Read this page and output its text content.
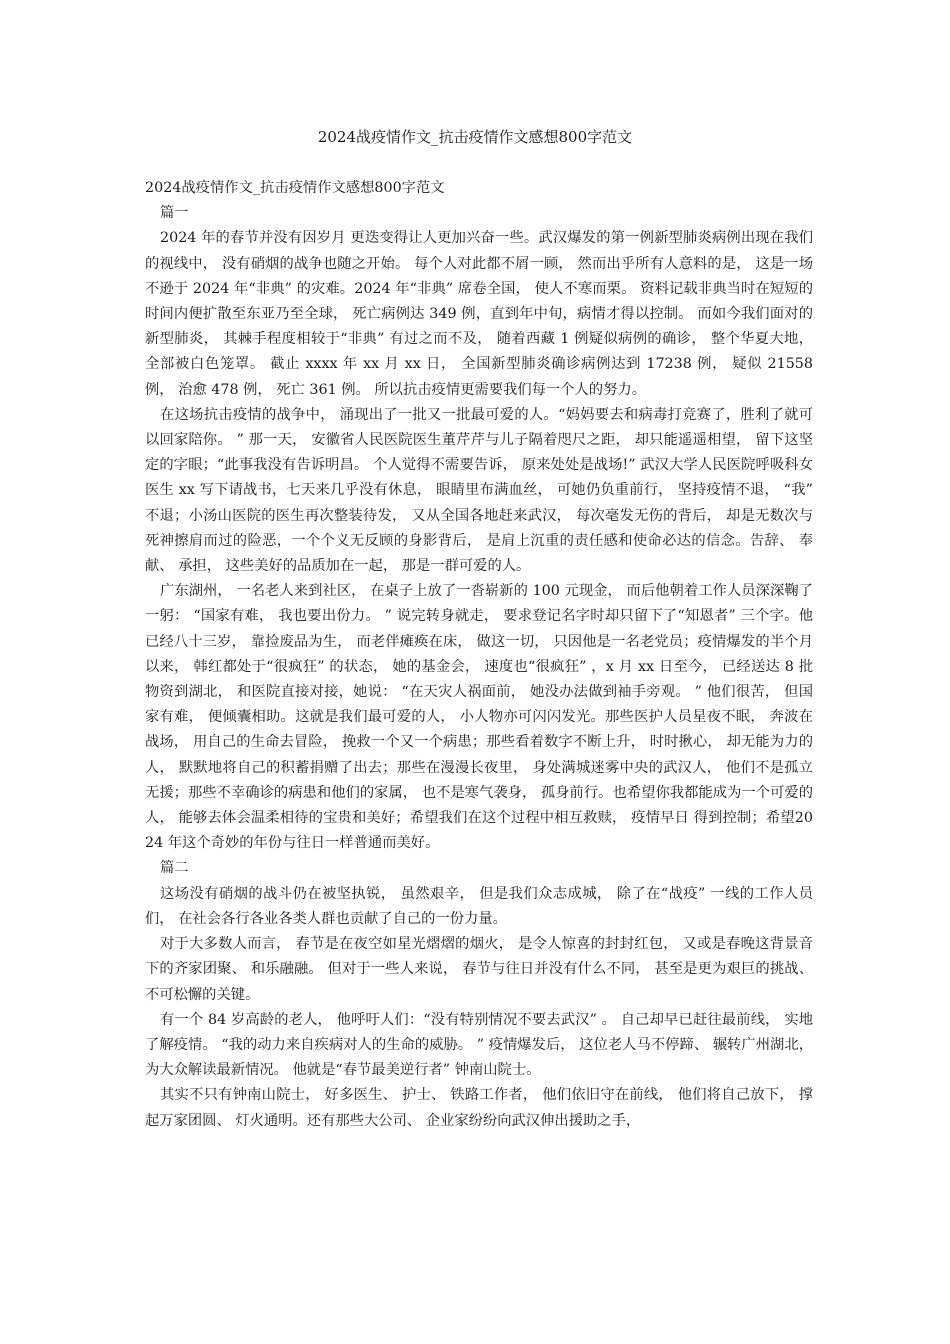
2024战疫情作文_抗击疫情作文感想800字范文

2024战疫情作文_抗击疫情作文感想800字范文

篇一

2024 年的春节并没有因岁月 更迭变得让人更加兴奋一些。武汉爆发的第一例新型肺炎病例出现在我们的视线中， 没有硝烟的战争也随之开始。 每个人对此都不屑一顾， 然而出乎所有人意料的是， 这是一场不逊于 2024 年“非典” 的灾难。2024 年“非典” 席卷全国， 使人不寒而栗。 资料记载非典当时在短短的时间内便扩散至东亚乃至全球， 死亡病例达 349 例，直到年中旬，病情才得以控制。 而如今我们面对的新型肺炎， 其棘手程度相较于“非典” 有过之而不及， 随着西藏 1 例疑似病例的确诊， 整个华夏大地， 全部被白色笼罩。 截止 xxxx 年 xx 月 xx 日， 全国新型肺炎确诊病例达到 17238 例， 疑似 21558 例， 治愈 478 例， 死亡 361 例。 所以抗击疫情更需要我们每一个人的努力。

在这场抗击疫情的战争中， 涌现出了一批又一批最可爱的人。“妈妈要去和病毒打竞赛了，胜利了就可以回家陪你。 ” 那一天， 安徽省人民医院医生董芹芹与儿子隔着咫尺之距， 却只能遥遥相望， 留下这坚定的字眼；“此事我没有告诉明昌。 个人觉得不需要告诉， 原来处处是战场!” 武汉大学人民医院呼吸科女医生 xx 写下请战书，七天来几乎没有休息， 眼睛里布满血丝， 可她仍负重前行， 坚持疫情不退， “我” 不退；小汤山医院的医生再次整装待发， 又从全国各地赶来武汉， 每次毫发无伤的背后， 却是无数次与死神擦肩而过的险恶，一个个义无反顾的身影背后， 是肩上沉重的责任感和使命必达的信念。告辞、 奉献、 承担， 这些美好的品质加在一起， 那是一群可爱的人。

广东湖州， 一名老人来到社区， 在桌子上放了一沓崭新的 100 元现金， 而后他朝着工作人员深深鞠了一躬： “国家有难， 我也要出份力。 ” 说完转身就走， 要求登记名字时却只留下了“知恩者” 三个字。他已经八十三岁， 靠捡废品为生， 而老伴瘫痪在床， 做这一切， 只因他是一名老党员；疫情爆发的半个月 以来， 韩红都处于“很疯狂” 的状态， 她的基金会， 速度也“很疯狂” ，x 月 xx 日至今， 已经送达 8 批物资到湖北， 和医院直接对接，她说： “在天灾人祸面前， 她没办法做到袖手旁观。 ” 他们很苦， 但国家有难， 便倾囊相助。这就是我们最可爱的人， 小人物亦可闪闪发光。那些医护人员星夜不眠， 奔波在战场， 用自己的生命去冒险， 挽救一个又一个病患；那些看着数字不断上升， 时时揪心， 却无能为力的人， 默默地将自己的积蓄捐赠了出去；那些在漫漫长夜里， 身处满城迷雾中央的武汉人， 他们不是孤立无援；那些不幸确诊的病患和他们的家属， 也不是寒气袭身， 孤身前行。也希望你我都能成为一个可爱的人， 能够去体会温柔相待的宝贵和美好；希望我们在这个过程中相互救赎， 疫情早日 得到控制；希望2024 年这个奇妙的年份与往日一样普通而美好。

篇二

这场没有硝烟的战斗仍在被坚执锐， 虽然艰辛， 但是我们众志成城， 除了在“战疫” 一线的工作人员们， 在社会各行各业各类人群也贡献了自己的一份力量。

对于大多数人而言， 春节是在夜空如星光熠熠的烟火， 是令人惊喜的封封红包， 又或是春晚这背景音下的齐家团聚、 和乐融融。 但对于一些人来说， 春节与往日并没有什么不同， 甚至是更为艰巨的挑战、不可松懈的关键。

有一个 84 岁高龄的老人， 他呼吁人们：“没有特别情况不要去武汉” 。 自己却早已赶往最前线， 实地了解疫情。 “我的动力来自疾病对人的生命的威胁。 ” 疫情爆发后， 这位老人马不停蹄、 辗转广州湖北， 为大众解读最新情况。 他就是“春节最美逆行者” 钟南山院士。

其实不只有钟南山院士， 好多医生、 护士、 铁路工作者， 他们依旧守在前线， 他们将自己放下， 撑起万家团圆、 灯火通明。还有那些大公司、 企业家纷纷向武汉伸出援助之手，
